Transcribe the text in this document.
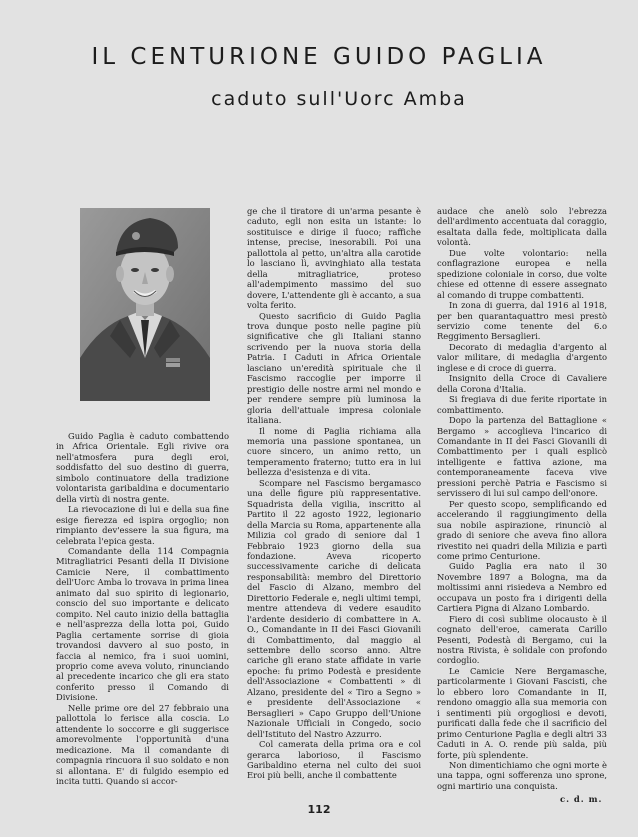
IL CENTURIONE GUIDO PAGLIA
caduto sull'Uorc Amba

Guido Paglia è caduto combattendo in Africa Orientale. Egli rivive ora nell'atmosfera pura degli eroi, soddisfatto del suo destino di guerra, simbolo continuatore della tradizione volontarista garibaldina e documentario della virtù di nostra gente.

La rievocazione di lui e della sua fine esige fierezza ed ispira orgoglio; non rimpianto dev'essere la sua figura, ma celebrata l'epica gesta.

Comandante della 114 Compagnia Mitragliatrici Pesanti della II Divisione Camicie Nere, il combattimento dell'Uorc Amba lo trovava in prima linea animato dal suo spirito di legionario, conscio del suo importante e delicato compito. Nel cauto inizio della battaglia e nell'asprezza della lotta poi, Guido Paglia certamente sorrise di gioia trovandosi davvero al suo posto, in faccia al nemico, fra i suoi uomini, proprio come aveva voluto, rinunciando al precedente incarico che gli era stato conferito presso il Comando di Divisione.

Nelle prime ore del 27 febbraio una pallottola lo ferisce alla coscia. Lo attendente lo soccorre e gli suggerisce amorevolmente l'opportunità d'una medicazione. Ma il comandante di compagnia rincuora il suo soldato e non si allontana. E' di fulgido esempio ed incita tutti. Quando si accor-

ge che il tiratore di un'arma pesante è caduto, egli non esita un istante: lo sostituisce e dirige il fuoco; raffiche intense, precise, inesorabili. Poi una pallottola al petto, un'altra alla carotide lo lasciano lì, avvinghiato alla testata della mitragliatrice, proteso all'adempimento massimo del suo dovere, L'attendente gli è accanto, a sua volta ferito.

Questo sacrificio di Guido Paglia trova dunque posto nelle pagine più significative che gli Italiani stanno scrivendo per la nuova storia della Patria. I Caduti in Africa Orientale lasciano un'eredità spirituale che il Fascismo raccoglie per imporre il prestigio delle nostre armi nel mondo e per rendere sempre più luminosa la gloria dell'attuale impresa coloniale italiana.

Il nome di Paglia richiama alla memoria una passione spontanea, un cuore sincero, un animo retto, un temperamento fraterno; tutto era in lui bellezza d'esistenza e di vita.

Scompare nel Fascismo bergamasco una delle figure più rappresentative. Squadrista della vigilia, inscritto al Partito il 22 agosto 1922, legionario della Marcia su Roma, appartenente alla Milizia col grado di seniore dal 1 Febbraio 1923 giorno della sua fondazione. Aveva ricoperto successivamente cariche di delicata responsabilità: membro del Direttorio del Fascio di Alzano, membro del Direttorio Federale e, negli ultimi tempi, mentre attendeva di vedere esaudito l'ardente desiderio di combattere in A. O., Comandante in II dei Fasci Giovanili di Combattimento, dal maggio al settembre dello scorso anno. Altre cariche gli erano state affidate in varie epoche: fu primo Podestà e presidente dell'Associazione « Combattenti » di Alzano, presidente del « Tiro a Segno » e presidente dell'Associazione « Bersaglieri » Capo Gruppo dell'Unione Nazionale Ufficiali in Congedo, socio dell'Istituto del Nastro Azzurro.

Col camerata della prima ora e col gerarca laborioso, il Fascismo Garibaldino eterna nel culto dei suoi Eroi più belli, anche il combattente

audace che anelò solo l'ebrezza dell'ardimento accentuata dal coraggio, esaltata dalla fede, moltiplicata dalla volontà.

Due volte volontario: nella conflagrazione europea e nella spedizione coloniale in corso, due volte chiese ed ottenne di essere assegnato al comando di truppe combattenti.

In zona di guerra, dal 1916 al 1918, per ben quarantaquattro mesi prestò servizio come tenente del 6.o Reggimento Bersaglieri.

Decorato di medaglia d'argento al valor militare, di medaglia d'argento inglese e di croce di guerra.

Insignito della Croce di Cavaliere della Corona d'Italia.

Si fregiava di due ferite riportate in combattimento.

Dopo la partenza del Battaglione « Bergamo » accoglieva l'incarico di Comandante in II dei Fasci Giovanili di Combattimento per i quali esplicò intelligente e fattiva azione, ma contemporaneamente faceva vive pressioni perchè Patria e Fascismo si servissero di lui sul campo dell'onore.

Per questo scopo, semplificando ed accelerando il raggiungimento della sua nobile aspirazione, rinunciò al grado di seniore che aveva fino allora rivestito nei quadri della Milizia e partì come primo Centurione.

Guido Paglia era nato il 30 Novembre 1897 a Bologna, ma da moltissimi anni risiedeva a Nembro ed occupava un posto fra i dirigenti della Cartiera Pigna di Alzano Lombardo.

Fiero di così sublime olocausto è il cognato dell'eroe, camerata Carillo Pesenti, Podestà di Bergamo, cui la nostra Rivista, è solidale con profondo cordoglio.

Le Camicie Nere Bergamasche, particolarmente i Giovani Fascisti, che lo ebbero loro Comandante in II, rendono omaggio alla sua memoria con i sentimenti più orgogliosi e devoti, purificati dalla fede che il sacrificio del primo Centurione Paglia e degli altri 33 Caduti in A. O. rende più salda, più forte, più splendente.

Non dimentichiamo che ogni morte è una tappa, ogni sofferenza uno sprone, ogni martirio una conquista.

c. d. m.
112
